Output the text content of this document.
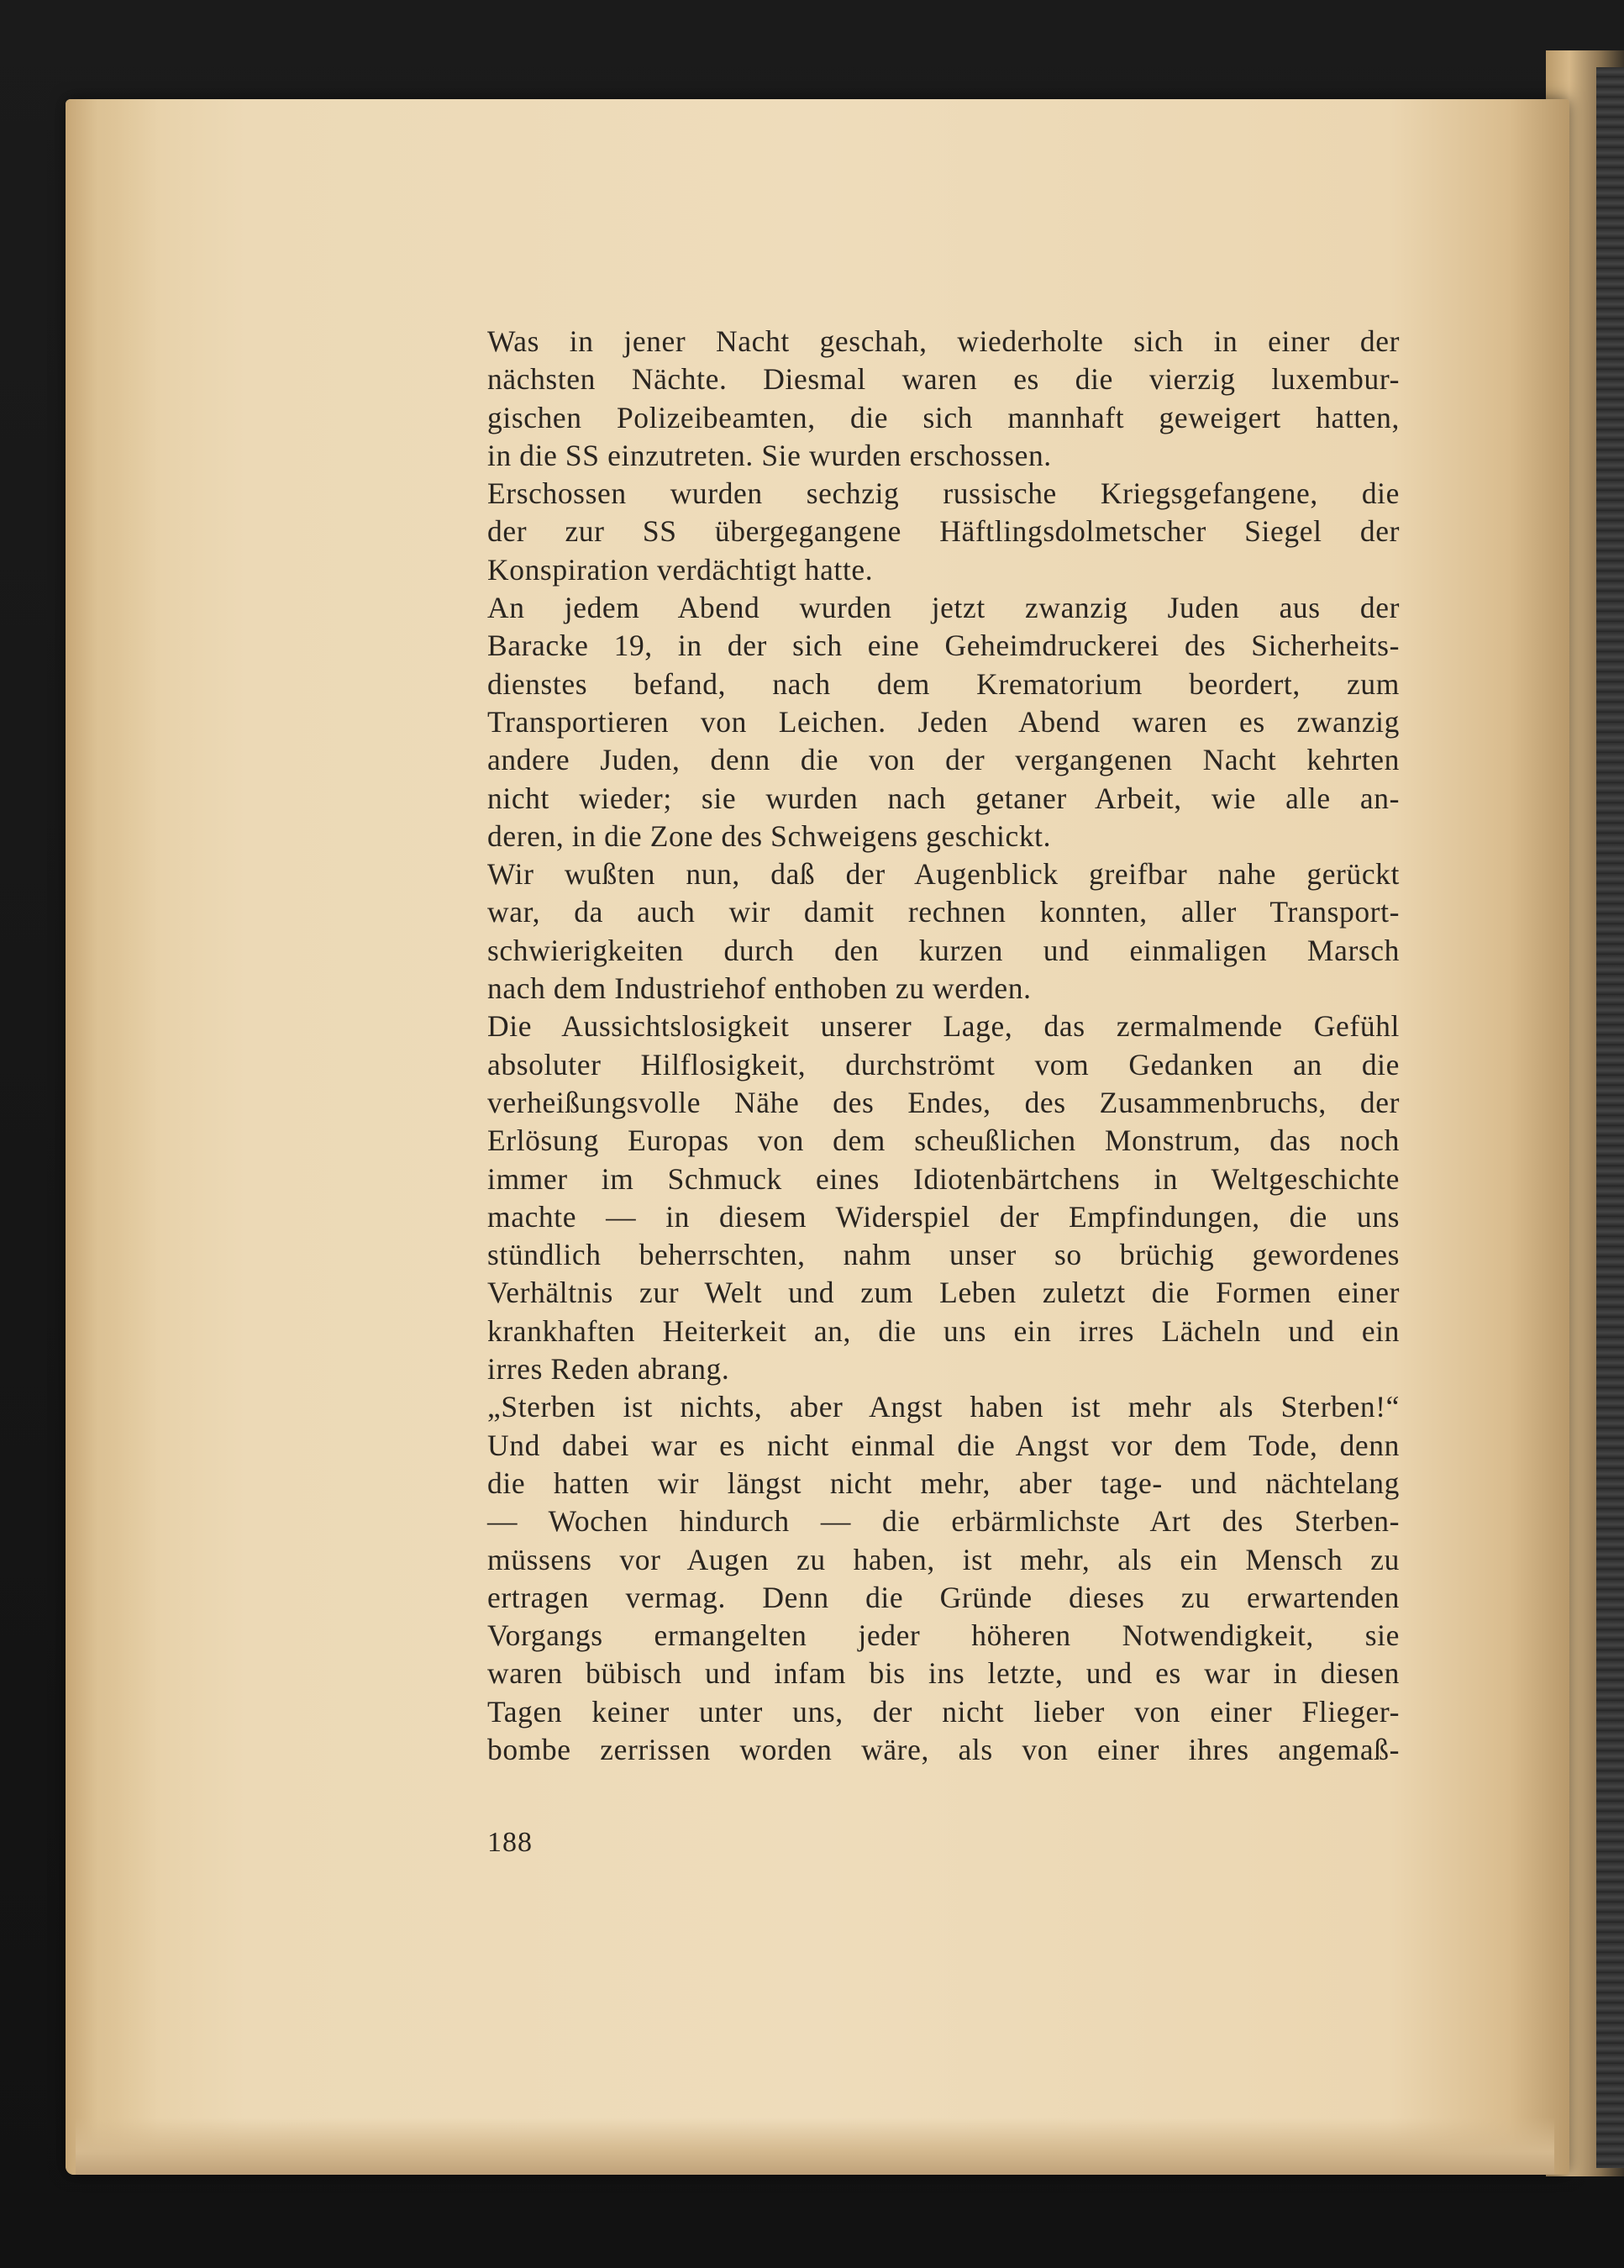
Was in jener Nacht geschah, wiederholte sich in einer der
nächsten Nächte. Diesmal waren es die vierzig luxembur-
gischen Polizeibeamten, die sich mannhaft geweigert hatten,
in die SS einzutreten. Sie wurden erschossen.
Erschossen wurden sechzig russische Kriegsgefangene, die
der zur SS übergegangene Häftlingsdolmetscher Siegel der
Konspiration verdächtigt hatte.
An jedem Abend wurden jetzt zwanzig Juden aus der
Baracke 19, in der sich eine Geheimdruckerei des Sicherheits-
dienstes befand, nach dem Krematorium beordert, zum
Transportieren von Leichen. Jeden Abend waren es zwanzig
andere Juden, denn die von der vergangenen Nacht kehrten
nicht wieder; sie wurden nach getaner Arbeit, wie alle an-
deren, in die Zone des Schweigens geschickt.
Wir wußten nun, daß der Augenblick greifbar nahe gerückt
war, da auch wir damit rechnen konnten, aller Transport-
schwierigkeiten durch den kurzen und einmaligen Marsch
nach dem Industriehof enthoben zu werden.
Die Aussichtslosigkeit unserer Lage, das zermalmende Gefühl
absoluter Hilflosigkeit, durchströmt vom Gedanken an die
verheißungsvolle Nähe des Endes, des Zusammenbruchs, der
Erlösung Europas von dem scheußlichen Monstrum, das noch
immer im Schmuck eines Idiotenbärtchens in Weltgeschichte
machte — in diesem Widerspiel der Empfindungen, die uns
stündlich beherrschten, nahm unser so brüchig gewordenes
Verhältnis zur Welt und zum Leben zuletzt die Formen einer
krankhaften Heiterkeit an, die uns ein irres Lächeln und ein
irres Reden abrang.
„Sterben ist nichts, aber Angst haben ist mehr als Sterben!“
Und dabei war es nicht einmal die Angst vor dem Tode, denn
die hatten wir längst nicht mehr, aber tage- und nächtelang
— Wochen hindurch — die erbärmlichste Art des Sterben-
müssens vor Augen zu haben, ist mehr, als ein Mensch zu
ertragen vermag. Denn die Gründe dieses zu erwartenden
Vorgangs ermangelten jeder höheren Notwendigkeit, sie
waren bübisch und infam bis ins letzte, und es war in diesen
Tagen keiner unter uns, der nicht lieber von einer Flieger-
bombe zerrissen worden wäre, als von einer ihres angemaß-
188
